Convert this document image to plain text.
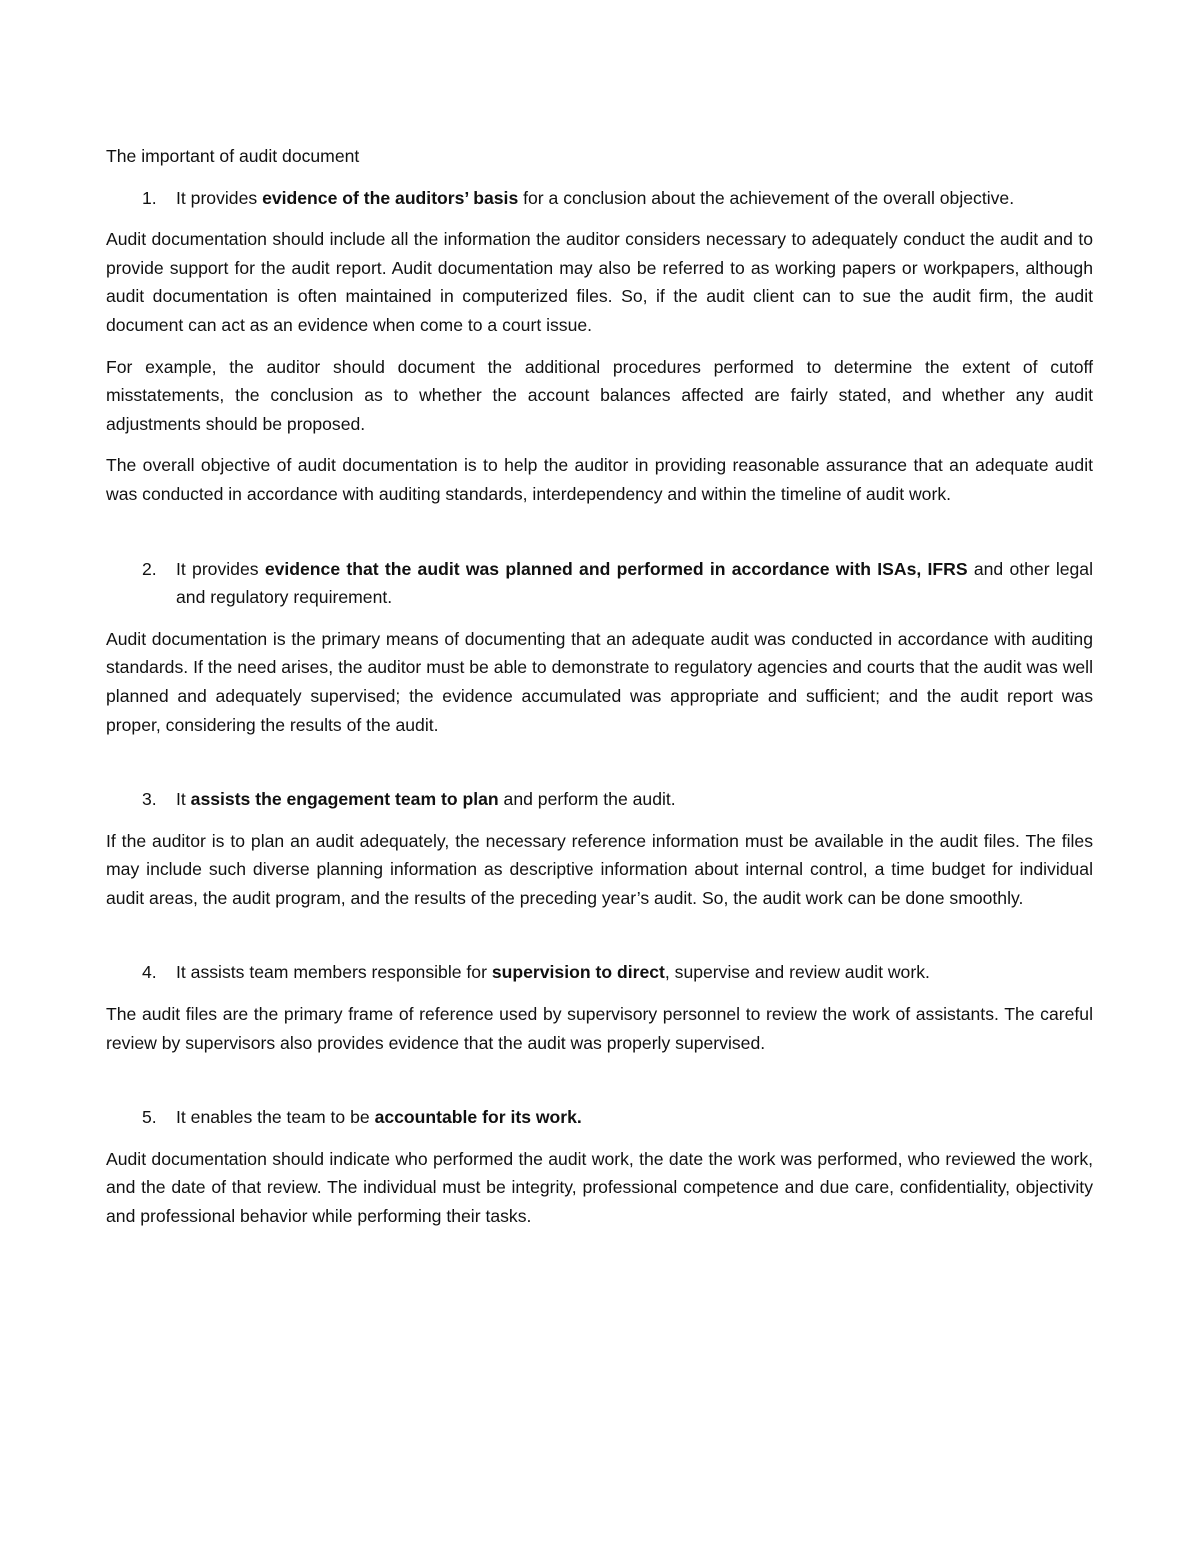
The important of audit document

1.	It provides evidence of the auditors’ basis for a conclusion about the achievement of the overall objective.

Audit documentation should include all the information the auditor considers necessary to adequately conduct the audit and to provide support for the audit report. Audit documentation may also be referred to as working papers or workpapers, although audit documentation is often maintained in computerized files. So, if the audit client can to sue the audit firm, the audit document can act as an evidence when come to a court issue.

For example, the auditor should document the additional procedures performed to determine the extent of cutoff misstatements, the conclusion as to whether the account balances affected are fairly stated, and whether any audit adjustments should be proposed.

The overall objective of audit documentation is to help the auditor in providing reasonable assurance that an adequate audit was conducted in accordance with auditing standards, interdependency and within the timeline of audit work.

2.	It provides evidence that the audit was planned and performed in accordance with ISAs, IFRS and other legal and regulatory requirement.

Audit documentation is the primary means of documenting that an adequate audit was conducted in accordance with auditing standards. If the need arises, the auditor must be able to demonstrate to regulatory agencies and courts that the audit was well planned and adequately supervised; the evidence accumulated was appropriate and sufficient; and the audit report was proper, considering the results of the audit.

3.	It assists the engagement team to plan and perform the audit.

If the auditor is to plan an audit adequately, the necessary reference information must be available in the audit files. The files may include such diverse planning information as descriptive information about internal control, a time budget for individual audit areas, the audit program, and the results of the preceding year’s audit. So, the audit work can be done smoothly.

4.	It assists team members responsible for supervision to direct, supervise and review audit work.

The audit files are the primary frame of reference used by supervisory personnel to review the work of assistants. The careful review by supervisors also provides evidence that the audit was properly supervised.

5.	It enables the team to be accountable for its work.

Audit documentation should indicate who performed the audit work, the date the work was performed, who reviewed the work, and the date of that review. The individual must be integrity, professional competence and due care, confidentiality, objectivity and professional behavior while performing their tasks.
